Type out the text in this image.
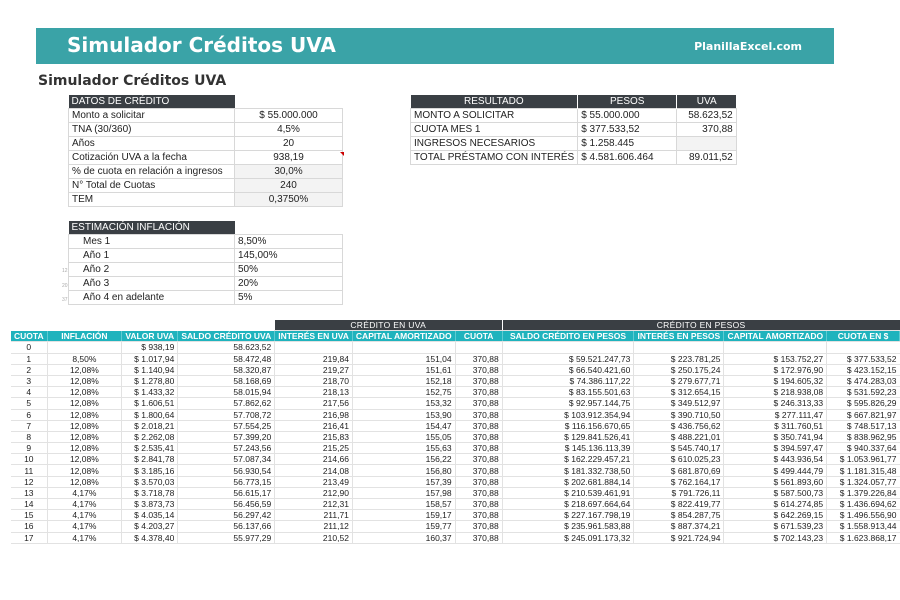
Simulador Créditos UVA	PlanillaExcel.com
Simulador Créditos UVA
DATOS DE CRÉDITO	
Monto a solicitar	$ 55.000.000
TNA (30/360)	4,5%
Años	20
Cotización UVA a la fecha	938,19
% de cuota en relación a ingresos	30,0%
N° Total de Cuotas	240
TEM	0,3750%
RESULTADO	PESOS	UVA
MONTO A SOLICITAR	$ 55.000.000	58.623,52
CUOTA MES 1	$ 377.533,52	370,88
INGRESOS NECESARIOS	$ 1.258.445	
TOTAL PRÉSTAMO CON INTERÉS	$ 4.581.606.464	89.011,52
ESTIMACIÓN INFLACIÓN	
Mes 1	8,50%
Año 1	145,00%
Año 2	50%
Año 3	20%
Año 4 en adelante	5%
				CRÉDITO EN UVA			CRÉDITO EN PESOS			
CUOTA	INFLACIÓN	VALOR UVA	SALDO CRÉDITO UVA	INTERÉS EN UVA	CAPITAL AMORTIZADO	CUOTA	SALDO CRÉDITO EN PESOS	INTERÉS EN PESOS	CAPITAL AMORTIZADO	CUOTA EN $
0		$ 938,19	58.623,52							
1	8,50%	$ 1.017,94	58.472,48	219,84	151,04	370,88	$ 59.521.247,73	$ 223.781,25	$ 153.752,27	$ 377.533,52
2	12,08%	$ 1.140,94	58.320,87	219,27	151,61	370,88	$ 66.540.421,60	$ 250.175,24	$ 172.976,90	$ 423.152,15
3	12,08%	$ 1.278,80	58.168,69	218,70	152,18	370,88	$ 74.386.117,22	$ 279.677,71	$ 194.605,32	$ 474.283,03
4	12,08%	$ 1.433,32	58.015,94	218,13	152,75	370,88	$ 83.155.501,63	$ 312.654,15	$ 218.938,08	$ 531.592,23
5	12,08%	$ 1.606,51	57.862,62	217,56	153,32	370,88	$ 92.957.144,75	$ 349.512,97	$ 246.313,33	$ 595.826,29
6	12,08%	$ 1.800,64	57.708,72	216,98	153,90	370,88	$ 103.912.354,94	$ 390.710,50	$ 277.111,47	$ 667.821,97
7	12,08%	$ 2.018,21	57.554,25	216,41	154,47	370,88	$ 116.156.670,65	$ 436.756,62	$ 311.760,51	$ 748.517,13
8	12,08%	$ 2.262,08	57.399,20	215,83	155,05	370,88	$ 129.841.526,41	$ 488.221,01	$ 350.741,94	$ 838.962,95
9	12,08%	$ 2.535,41	57.243,56	215,25	155,63	370,88	$ 145.136.113,39	$ 545.740,17	$ 394.597,47	$ 940.337,64
10	12,08%	$ 2.841,78	57.087,34	214,66	156,22	370,88	$ 162.229.457,21	$ 610.025,23	$ 443.936,54	$ 1.053.961,77
11	12,08%	$ 3.185,16	56.930,54	214,08	156,80	370,88	$ 181.332.738,50	$ 681.870,69	$ 499.444,79	$ 1.181.315,48
12	12,08%	$ 3.570,03	56.773,15	213,49	157,39	370,88	$ 202.681.884,14	$ 762.164,17	$ 561.893,60	$ 1.324.057,77
13	4,17%	$ 3.718,78	56.615,17	212,90	157,98	370,88	$ 210.539.461,91	$ 791.726,11	$ 587.500,73	$ 1.379.226,84
14	4,17%	$ 3.873,73	56.456,59	212,31	158,57	370,88	$ 218.697.664,64	$ 822.419,77	$ 614.274,85	$ 1.436.694,62
15	4,17%	$ 4.035,14	56.297,42	211,71	159,17	370,88	$ 227.167.798,19	$ 854.287,75	$ 642.269,15	$ 1.496.556,90
16	4,17%	$ 4.203,27	56.137,66	211,12	159,77	370,88	$ 235.961.583,88	$ 887.374,21	$ 671.539,23	$ 1.558.913,44
17	4,17%	$ 4.378,40	55.977,29	210,52	160,37	370,88	$ 245.091.173,32	$ 921.724,94	$ 702.143,23	$ 1.623.868,17
12
20
37
